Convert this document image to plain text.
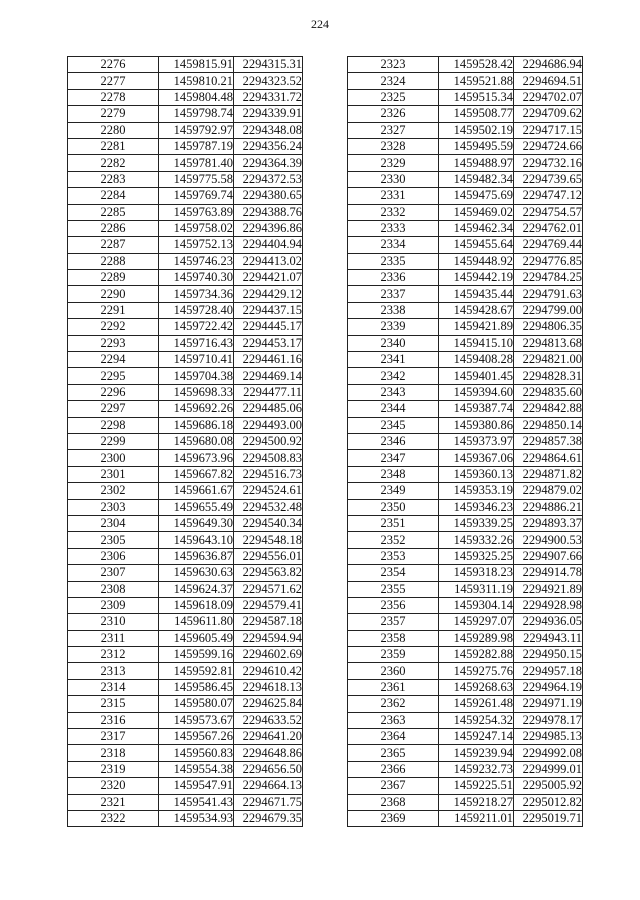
224
2276	1459815.91	2294315.31
2277	1459810.21	2294323.52
2278	1459804.48	2294331.72
2279	1459798.74	2294339.91
2280	1459792.97	2294348.08
2281	1459787.19	2294356.24
2282	1459781.40	2294364.39
2283	1459775.58	2294372.53
2284	1459769.74	2294380.65
2285	1459763.89	2294388.76
2286	1459758.02	2294396.86
2287	1459752.13	2294404.94
2288	1459746.23	2294413.02
2289	1459740.30	2294421.07
2290	1459734.36	2294429.12
2291	1459728.40	2294437.15
2292	1459722.42	2294445.17
2293	1459716.43	2294453.17
2294	1459710.41	2294461.16
2295	1459704.38	2294469.14
2296	1459698.33	2294477.11
2297	1459692.26	2294485.06
2298	1459686.18	2294493.00
2299	1459680.08	2294500.92
2300	1459673.96	2294508.83
2301	1459667.82	2294516.73
2302	1459661.67	2294524.61
2303	1459655.49	2294532.48
2304	1459649.30	2294540.34
2305	1459643.10	2294548.18
2306	1459636.87	2294556.01
2307	1459630.63	2294563.82
2308	1459624.37	2294571.62
2309	1459618.09	2294579.41
2310	1459611.80	2294587.18
2311	1459605.49	2294594.94
2312	1459599.16	2294602.69
2313	1459592.81	2294610.42
2314	1459586.45	2294618.13
2315	1459580.07	2294625.84
2316	1459573.67	2294633.52
2317	1459567.26	2294641.20
2318	1459560.83	2294648.86
2319	1459554.38	2294656.50
2320	1459547.91	2294664.13
2321	1459541.43	2294671.75
2322	1459534.93	2294679.35
2323	1459528.42	2294686.94
2324	1459521.88	2294694.51
2325	1459515.34	2294702.07
2326	1459508.77	2294709.62
2327	1459502.19	2294717.15
2328	1459495.59	2294724.66
2329	1459488.97	2294732.16
2330	1459482.34	2294739.65
2331	1459475.69	2294747.12
2332	1459469.02	2294754.57
2333	1459462.34	2294762.01
2334	1459455.64	2294769.44
2335	1459448.92	2294776.85
2336	1459442.19	2294784.25
2337	1459435.44	2294791.63
2338	1459428.67	2294799.00
2339	1459421.89	2294806.35
2340	1459415.10	2294813.68
2341	1459408.28	2294821.00
2342	1459401.45	2294828.31
2343	1459394.60	2294835.60
2344	1459387.74	2294842.88
2345	1459380.86	2294850.14
2346	1459373.97	2294857.38
2347	1459367.06	2294864.61
2348	1459360.13	2294871.82
2349	1459353.19	2294879.02
2350	1459346.23	2294886.21
2351	1459339.25	2294893.37
2352	1459332.26	2294900.53
2353	1459325.25	2294907.66
2354	1459318.23	2294914.78
2355	1459311.19	2294921.89
2356	1459304.14	2294928.98
2357	1459297.07	2294936.05
2358	1459289.98	2294943.11
2359	1459282.88	2294950.15
2360	1459275.76	2294957.18
2361	1459268.63	2294964.19
2362	1459261.48	2294971.19
2363	1459254.32	2294978.17
2364	1459247.14	2294985.13
2365	1459239.94	2294992.08
2366	1459232.73	2294999.01
2367	1459225.51	2295005.92
2368	1459218.27	2295012.82
2369	1459211.01	2295019.71
